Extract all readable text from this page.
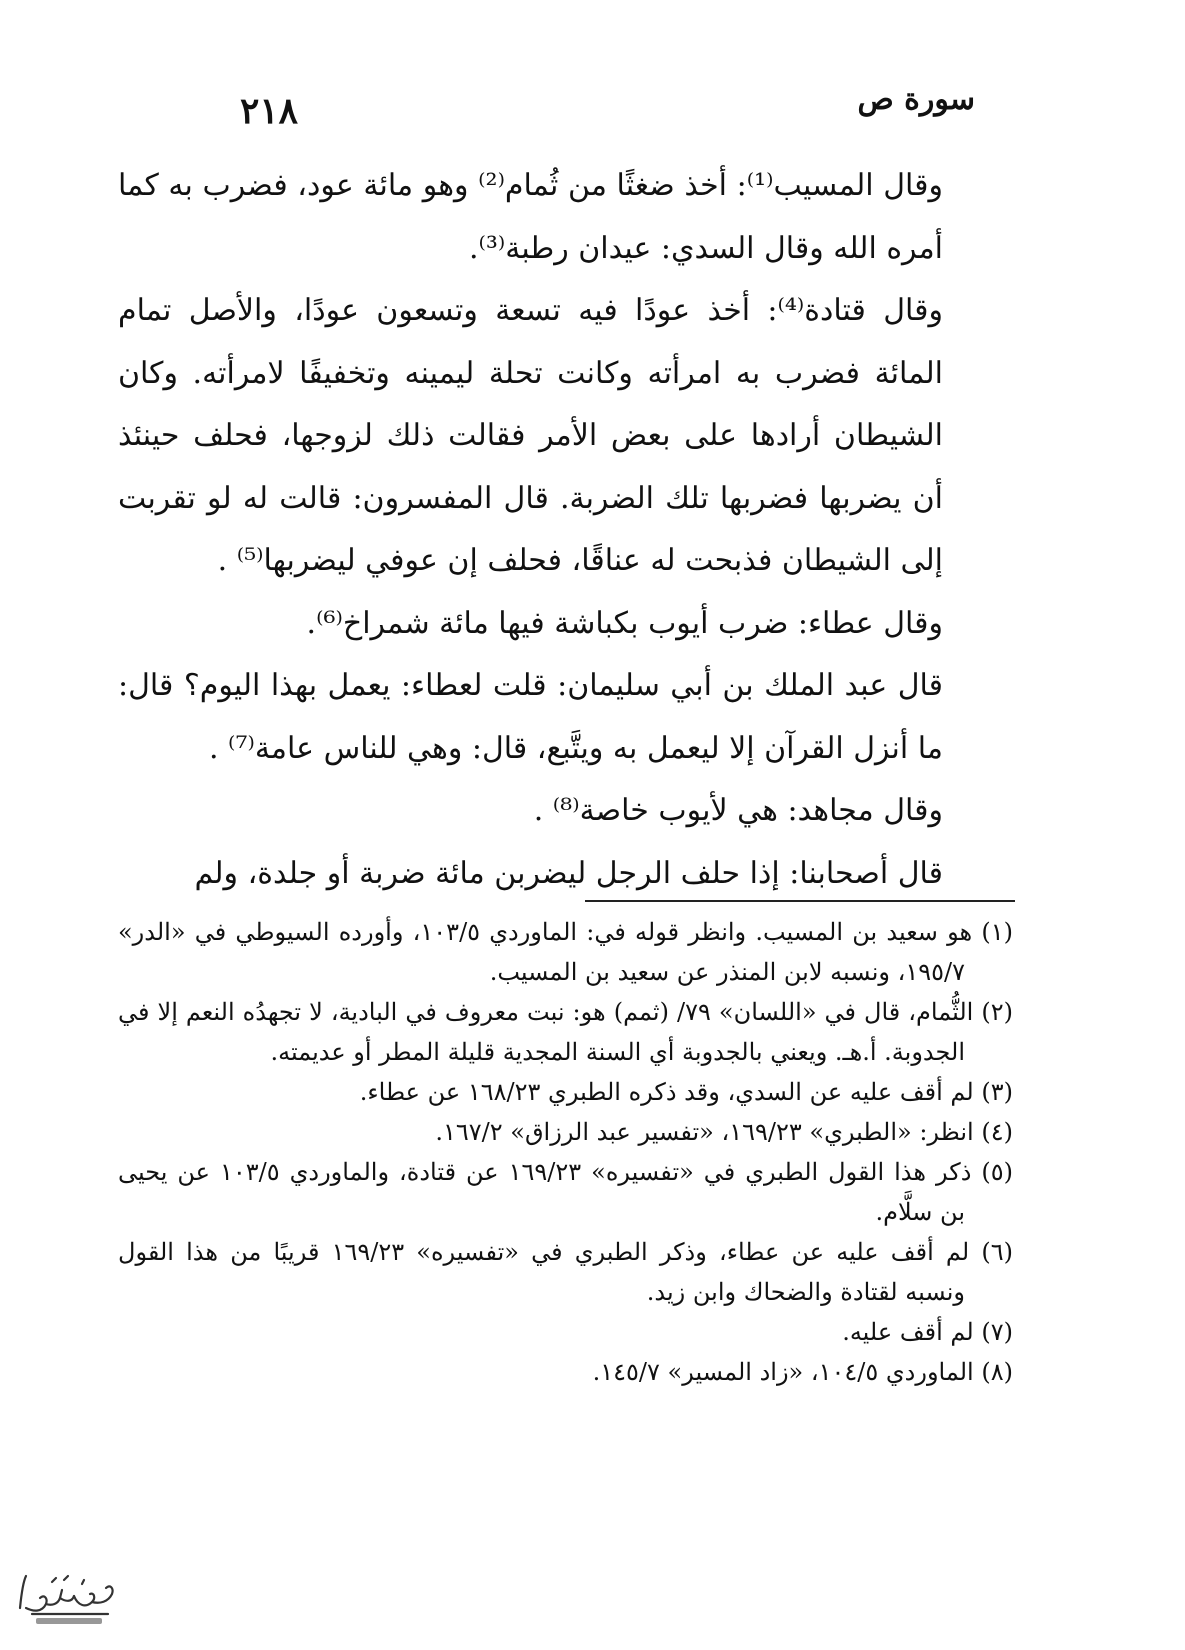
٢١٨	سورة ص

وقال المسيب⁽¹⁾: أخذ ضغثًا من ثُمام⁽²⁾ وهو مائة عود، فضرب به كما أمره الله وقال السدي: عيدان رطبة⁽³⁾.

وقال قتادة⁽⁴⁾: أخذ عودًا فيه تسعة وتسعون عودًا، والأصل تمام المائة فضرب به امرأته وكانت تحلة ليمينه وتخفيفًا لامرأته. وكان الشيطان أرادها على بعض الأمر فقالت ذلك لزوجها، فحلف حينئذ أن يضربها فضربها تلك الضربة. قال المفسرون: قالت له لو تقربت إلى الشيطان فذبحت له عناقًا، فحلف إن عوفي ليضربها⁽⁵⁾ .

وقال عطاء: ضرب أيوب بكباشة فيها مائة شمراخ⁽⁶⁾.

قال عبد الملك بن أبي سليمان: قلت لعطاء: يعمل بهذا اليوم؟ قال: ما أنزل القرآن إلا ليعمل به ويتَّبع، قال: وهي للناس عامة⁽⁷⁾ .

وقال مجاهد: هي لأيوب خاصة⁽⁸⁾ .

قال أصحابنا: إذا حلف الرجل ليضربن مائة ضربة أو جلدة، ولم

(١) هو سعيد بن المسيب. وانظر قوله في: الماوردي ١٠٣/٥، وأورده السيوطي في «الدر» ١٩٥/٧، ونسبه لابن المنذر عن سعيد بن المسيب.

(٢) الثُّمام، قال في «اللسان» ٧٩/ (ثمم) هو: نبت معروف في البادية، لا تجهدُه النعم إلا في الجدوبة. أ.هـ. ويعني بالجدوبة أي السنة المجدية قليلة المطر أو عديمته.

(٣) لم أقف عليه عن السدي، وقد ذكره الطبري ١٦٨/٢٣ عن عطاء.

(٤) انظر: «الطبري» ١٦٩/٢٣، «تفسير عبد الرزاق» ١٦٧/٢.

(٥) ذكر هذا القول الطبري في «تفسيره» ١٦٩/٢٣ عن قتادة، والماوردي ١٠٣/٥ عن يحيى بن سلَّام.

(٦) لم أقف عليه عن عطاء، وذكر الطبري في «تفسيره» ١٦٩/٢٣ قريبًا من هذا القول ونسبه لقتادة والضحاك وابن زيد.

(٧) لم أقف عليه.

(٨) الماوردي ١٠٤/٥، «زاد المسير» ١٤٥/٧.
